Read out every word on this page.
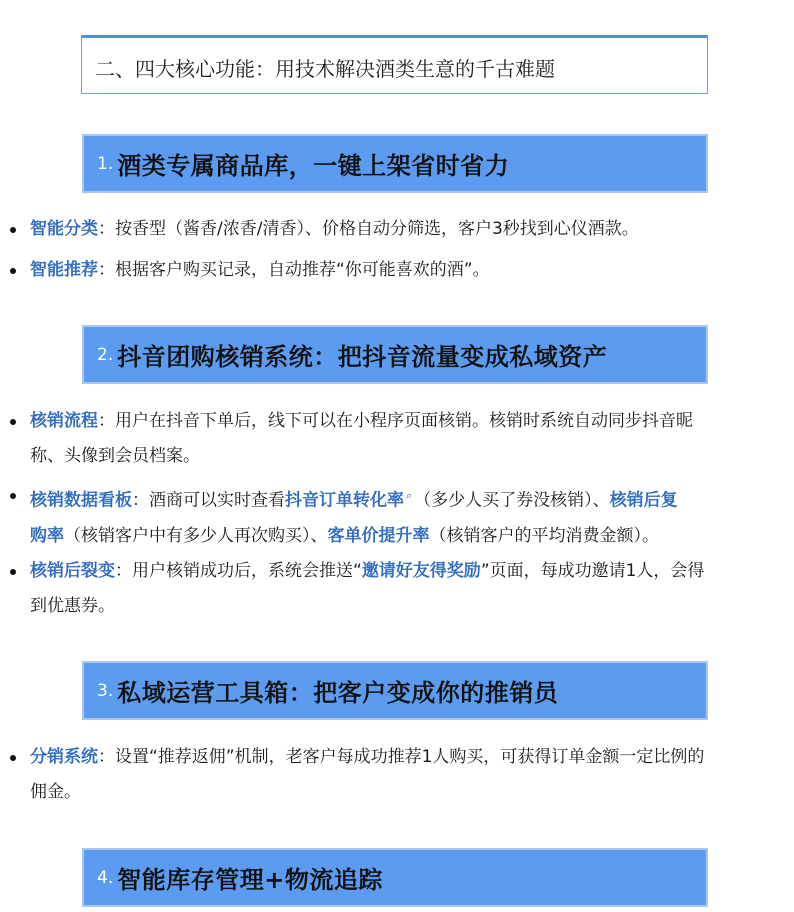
二、四大核心功能：用技术解决酒类生意的千古难题
1. 酒类专属商品库，一键上架省时省力
智能分类：按香型（酱香/浓香/清香）、价格自动分筛选，客户3秒找到心仪酒款。
智能推荐：根据客户购买记录，自动推荐“你可能喜欢的酒”。
2. 抖音团购核销系统：把抖音流量变成私域资产
核销流程：用户在抖音下单后，线下可以在小程序页面核销。核销时系统自动同步抖音昵
称、头像到会员档案。
核销数据看板：酒商可以实时查看抖音订单转化率 ⌕ （多少人买了券没核销）、核销后复
购率（核销客户中有多少人再次购买）、客单价提升率（核销客户的平均消费金额）。
核销后裂变：用户核销成功后，系统会推送“邀请好友得奖励”页面，每成功邀请1人，会得
到优惠券。
3. 私域运营工具箱：把客户变成你的推销员
分销系统：设置“推荐返佣”机制，老客户每成功推荐1人购买，可获得订单金额一定比例的
佣金。
4. 智能库存管理+物流追踪
